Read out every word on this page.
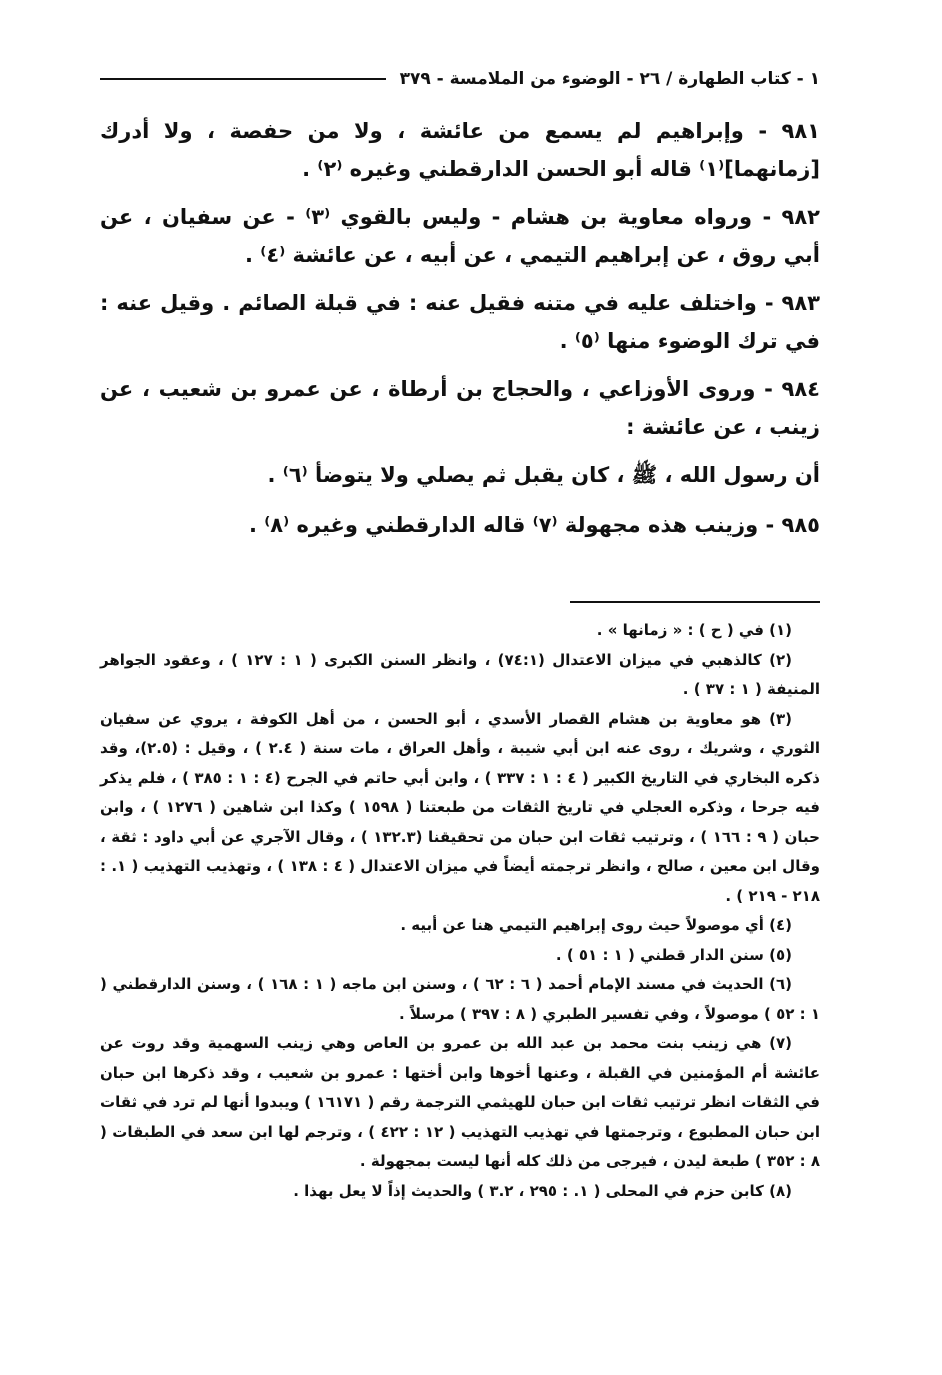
١ - كتاب الطهارة / ٢٦ - الوضوء من الملامسة - ٣٧٩

٩٨١ - وإبراهيم لم يسمع من عائشة ، ولا من حفصة ، ولا أدرك [زمانهما]⁽١⁾ قاله أبو الحسن الدارقطني وغيره ⁽٢⁾ .

٩٨٢ - ورواه معاوية بن هشام - وليس بالقوي ⁽٣⁾ - عن سفيان ، عن أبي روق ، عن إبراهيم التيمي ، عن أبيه ، عن عائشة ⁽٤⁾ .

٩٨٣ - واختلف عليه في متنه فقيل عنه : في قبلة الصائم . وقيل عنه : في ترك الوضوء منها ⁽٥⁾ .

٩٨٤ - وروى الأوزاعي ، والحجاج بن أرطاة ، عن عمرو بن شعيب ، عن زينب ، عن عائشة :

أن رسول الله ، ﷺ ، كان يقبل ثم يصلي ولا يتوضأ ⁽٦⁾ .

٩٨٥ - وزينب هذه مجهولة ⁽٧⁾ قاله الدارقطني وغيره ⁽٨⁾ .

(١) في ( ح ) : « زمانها » .

(٢) كالذهبي في ميزان الاعتدال (٧٤:١) ، وانظر السنن الكبرى ( ١ : ١٢٧ ) ، وعقود الجواهر المنيفة ( ١ : ٣٧ ) .

(٣) هو معاوية بن هشام القصار الأسدي ، أبو الحسن ، من أهل الكوفة ، يروي عن سفيان الثوري ، وشريك ، روى عنه ابن أبي شيبة ، وأهل العراق ، مات سنة ( ٢.٤ ) ، وقيل : (٢.٥)، وقد ذكره البخاري في التاريخ الكبير ( ٤ : ١ : ٣٣٧ ) ، وابن أبي حاتم في الجرح (٤ : ١ : ٣٨٥ ) ، فلم يذكر فيه جرحا ، وذكره العجلي في تاريخ الثقات من طبعتنا ( ١٥٩٨ ) وكذا ابن شاهين ( ١٢٧٦ ) ، وابن حبان ( ٩ : ١٦٦ ) ، وترتيب ثقات ابن حبان من تحقيقنا (١٣٢.٣ ) ، وقال الآجري عن أبي داود : ثقة ، وقال ابن معين ، صالح ، وانظر ترجمته أيضاً في ميزان الاعتدال ( ٤ : ١٣٨ ) ، وتهذيب التهذيب ( ١. : ٢١٨ - ٢١٩ ) .

(٤) أي موصولاً حيث روى إبراهيم التيمي هنا عن أبيه .

(٥) سنن الدار قطني ( ١ : ٥١ ) .

(٦) الحديث في مسند الإمام أحمد ( ٦ : ٦٢ ) ، وسنن ابن ماجه ( ١ : ١٦٨ ) ، وسنن الدارقطني ( ١ : ٥٢ ) موصولاً ، وفي تفسير الطبري ( ٨ : ٣٩٧ ) مرسلاً .

(٧) هي زينب بنت محمد بن عبد الله بن عمرو بن العاص وهي زينب السهمية وقد روت عن عائشة أم المؤمنين في القبلة ، وعنها أخوها وابن أختها : عمرو بن شعيب ، وقد ذكرها ابن حبان في الثقات انظر ترتيب ثقات ابن حبان للهيثمي الترجمة رقم ( ١٦١٧١ ) ويبدوا أنها لم ترد في ثقات ابن حبان المطبوع ، وترجمتها في تهذيب التهذيب ( ١٢ : ٤٢٢ ) ، وترجم لها ابن سعد في الطبقات ( ٨ : ٣٥٢ ) طبعة ليدن ، فيرجى من ذلك كله أنها ليست بمجهولة .

(٨) كابن حزم في المحلى ( ١. : ٢٩٥ ، ٣.٢ ) والحديث إذاً لا يعل بهذا .
